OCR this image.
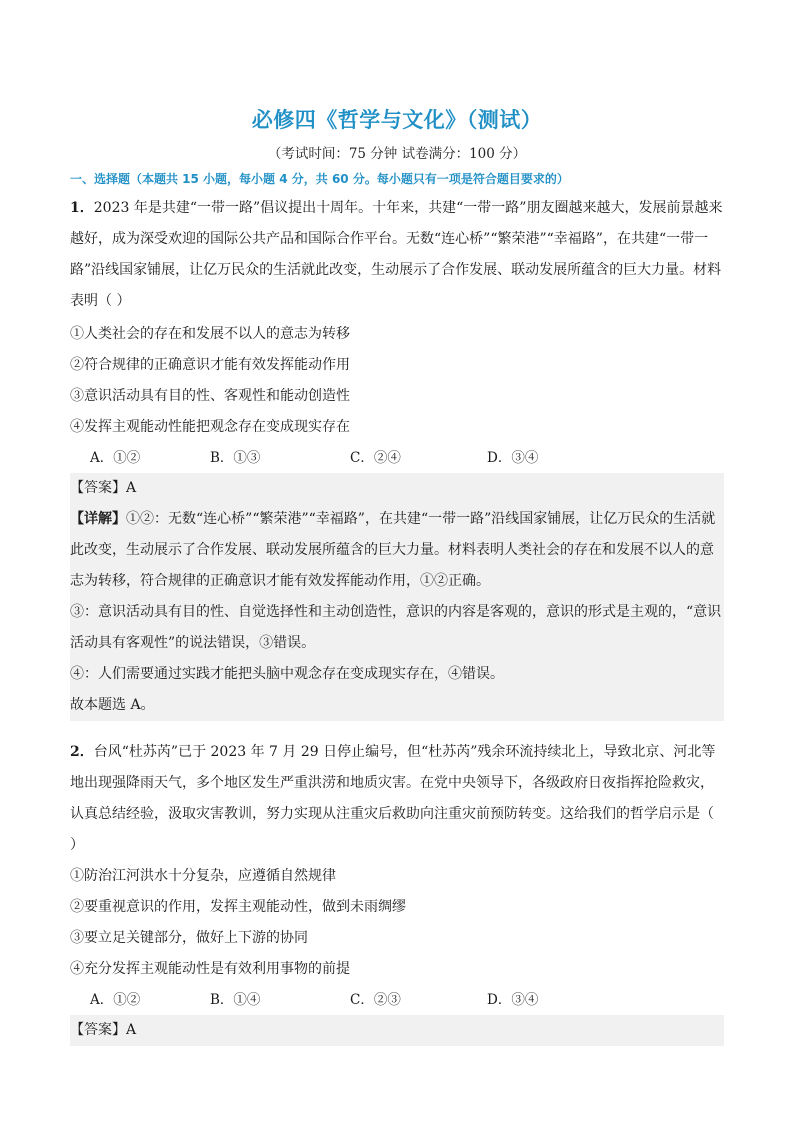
必修四《哲学与文化》（测试）
（考试时间：75 分钟 试卷满分：100 分）
一、选择题（本题共 15 小题，每小题 4 分，共 60 分。每小题只有一项是符合题目要求的）

1．2023 年是共建“一带一路”倡议提出十周年。十年来，共建“一带一路”朋友圈越来越大，发展前景越来越好，成为深受欢迎的国际公共产品和国际合作平台。无数“连心桥”“繁荣港”“幸福路”，在共建“一带一路”沿线国家铺展，让亿万民众的生活就此改变，生动展示了合作发展、联动发展所蕴含的巨大力量。材料表明（ ）

①人类社会的存在和发展不以人的意志为转移

②符合规律的正确意识才能有效发挥能动作用

③意识活动具有目的性、客观性和能动创造性

④发挥主观能动性能把观念存在变成现实存在

A．①②	B．①③	C．②④	D．③④

【答案】A

【详解】①②：无数“连心桥”“繁荣港”“幸福路”，在共建“一带一路”沿线国家铺展，让亿万民众的生活就此改变，生动展示了合作发展、联动发展所蕴含的巨大力量。材料表明人类社会的存在和发展不以人的意志为转移，符合规律的正确意识才能有效发挥能动作用，①②正确。

③：意识活动具有目的性、自觉选择性和主动创造性，意识的内容是客观的，意识的形式是主观的，“意识活动具有客观性”的说法错误，③错误。

④：人们需要通过实践才能把头脑中观念存在变成现实存在，④错误。

故本题选 A。

2．台风“杜苏芮”已于 2023 年 7 月 29 日停止编号，但“杜苏芮”残余环流持续北上，导致北京、河北等地出现强降雨天气，多个地区发生严重洪涝和地质灾害。在党中央领导下，各级政府日夜指挥抢险救灾，认真总结经验，汲取灾害教训，努力实现从注重灾后救助向注重灾前预防转变。这给我们的哲学启示是（ ）

①防治江河洪水十分复杂，应遵循自然规律

②要重视意识的作用，发挥主观能动性，做到未雨绸缪

③要立足关键部分，做好上下游的协同

④充分发挥主观能动性是有效利用事物的前提

A．①②	B．①④	C．②③	D．③④

【答案】A
